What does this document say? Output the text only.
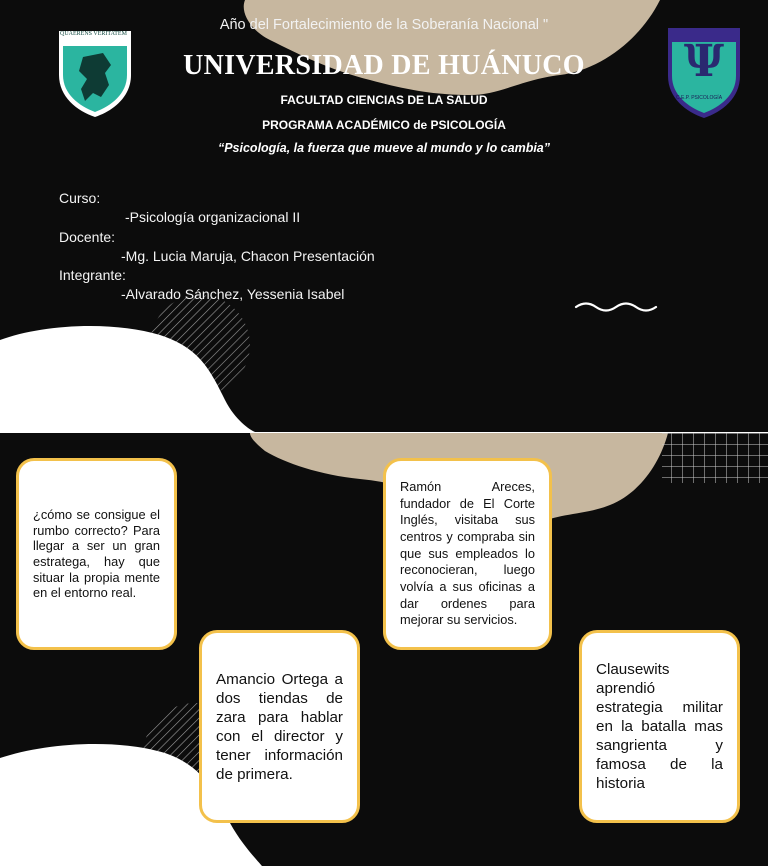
QUAERENS VERITATEM
Ψ
C.E.P. PSICOLOGÍA
Año del Fortalecimiento de la Soberanía Nacional "
UNIVERSIDAD DE HUÁNUCO
FACULTAD CIENCIAS DE LA SALUD
PROGRAMA ACADÉMICO de PSICOLOGÍA
“Psicología, la fuerza que mueve al mundo y lo cambia”
Curso:
-Psicología organizacional II
Docente:
-Mg. Lucia Maruja, Chacon Presentación
Integrante:
-Alvarado Sánchez, Yessenia Isabel

¿cómo se consigue el rumbo correcto? Para llegar a ser un gran estratega, hay que situar la propia mente en el entorno real.

Amancio Ortega a dos tiendas de zara para hablar con el director y tener información de primera.

Ramón Areces, fundador de El Corte Inglés, visitaba sus centros y compraba sin que sus empleados lo reconocieran, luego volvía a sus oficinas a dar ordenes para mejorar su servicios.

Clausewits aprendió estrategia militar en la batalla mas sangrienta y famosa de la historia
